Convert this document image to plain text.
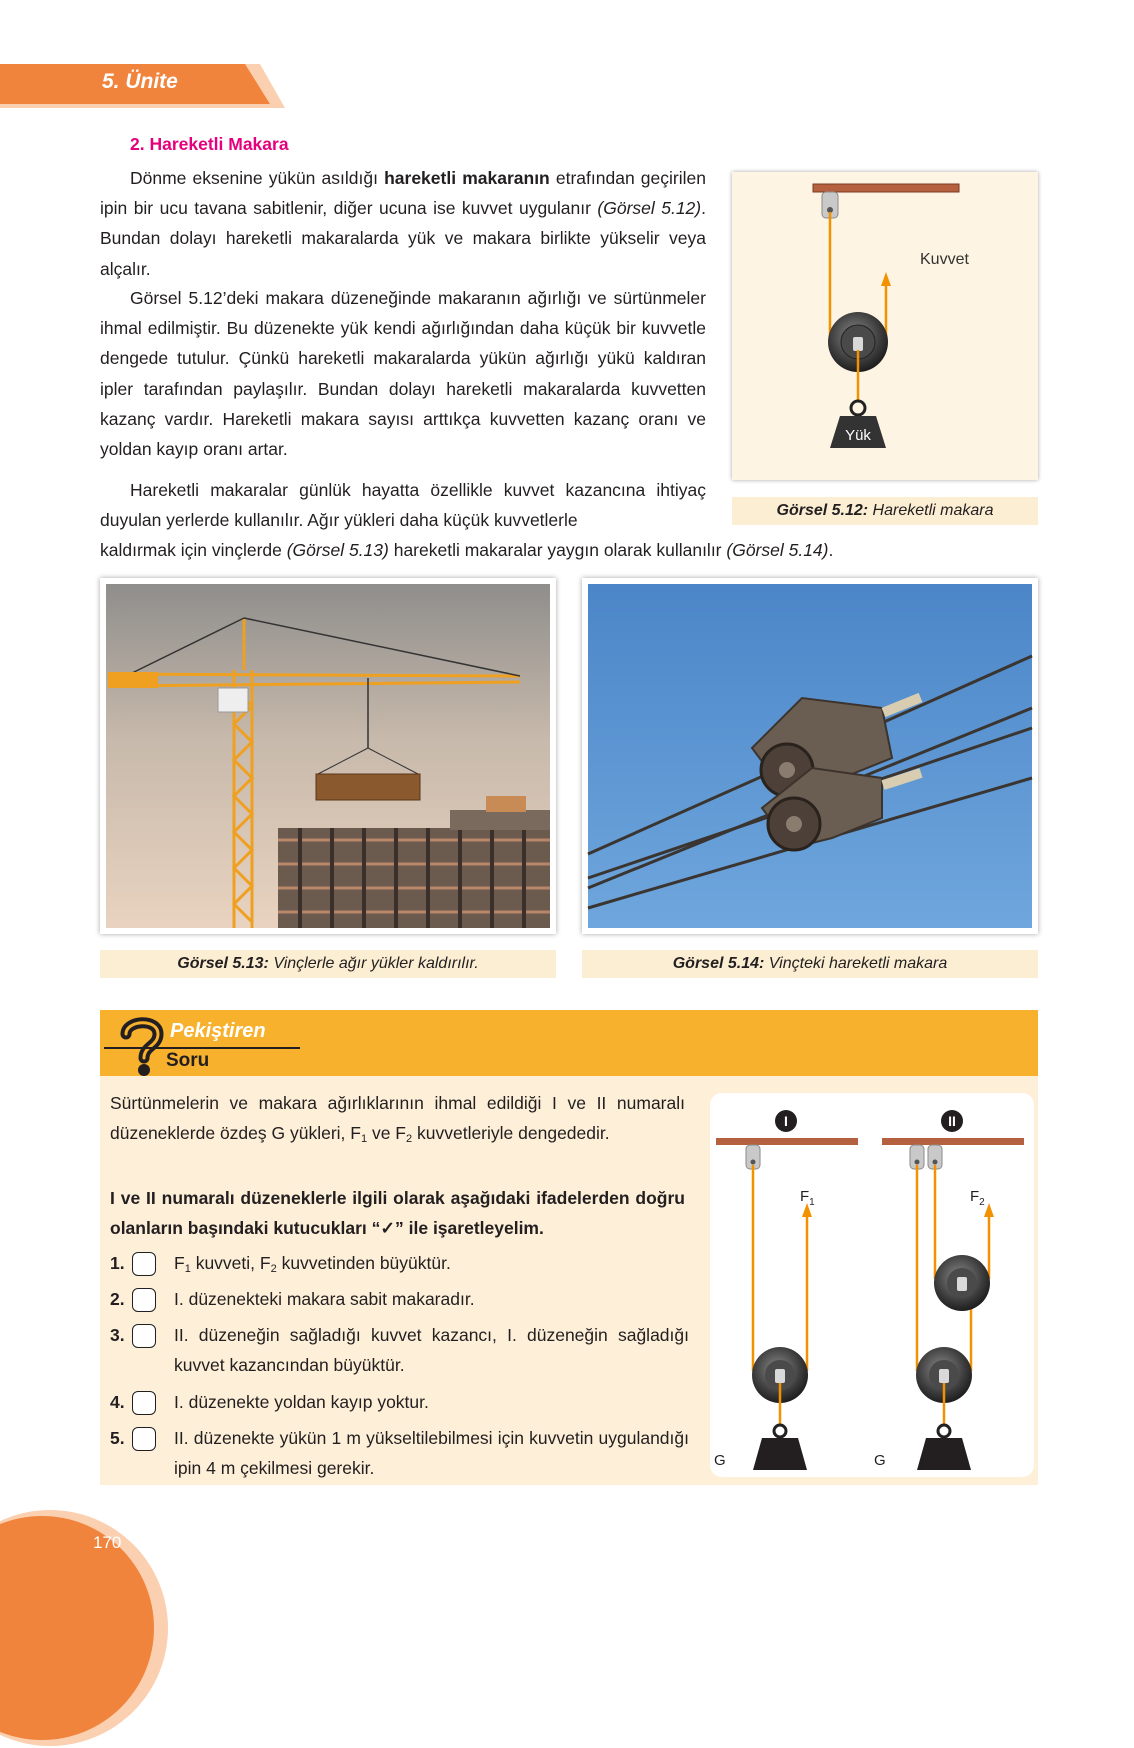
5. Ünite
2. Hareketli Makara
Dönme eksenine yükün asıldığı hareketli makaranın etrafından geçirilen ipin bir ucu tavana sabitlenir, diğer ucuna ise kuvvet uygulanır (Görsel 5.12). Bundan dolayı hareketli makaralarda yük ve makara birlikte yükselir veya alçalır.
Görsel 5.12’deki makara düzeneğinde makaranın ağırlığı ve sürtünmeler ihmal edilmiştir. Bu düzenekte yük kendi ağırlığından daha küçük bir kuvvetle dengede tutulur. Çünkü hareketli makaralarda yükün ağırlığı yükü kaldıran ipler tarafından paylaşılır. Bundan dolayı hareketli makaralarda kuvvetten kazanç vardır. Hareketli makara sayısı arttıkça kuvvetten kazanç oranı ve yoldan kayıp oranı artar.
Hareketli makaralar günlük hayatta özellikle kuvvet kazancına ihtiyaç duyulan yerlerde kullanılır. Ağır yükleri daha küçük kuvvetlerle
kaldırmak için vinçlerde (Görsel 5.13) hareketli makaralar yaygın olarak kullanılır (Görsel 5.14).
Kuvvet
Yük
Görsel 5.12: Hareketli makara
Görsel 5.13: Vinçlerle ağır yükler kaldırılır.	Görsel 5.14: Vinçteki hareketli makara
Pekiştiren
Soru
Sürtünmelerin ve makara ağırlıklarının ihmal edildiği I ve II numaralı düzeneklerde özdeş G yükleri, $F_1$ ve $F_2$ kuvvetleriyle dengededir.
I ve II numaralı düzeneklerle ilgili olarak aşağıdaki ifadelerden doğru olanların başındaki kutucukları “✓” ile işaretleyelim.
1.	$F_1$ kuvveti, $F_2$ kuvvetinden büyüktür.
2.	I. düzenekteki makara sabit makaradır.
3.	II. düzeneğin sağladığı kuvvet kazancı, I. düzeneğin sağladığı kuvvet kazancından büyüktür.
4.	I. düzenekte yoldan kayıp yoktur.
5.	II. düzenekte yükün 1 m yükseltilebilmesi için kuvvetin uygulandığı ipin 4 m çekilmesi gerekir.
I
$F_1$
G
II
$F_2$
G
170
